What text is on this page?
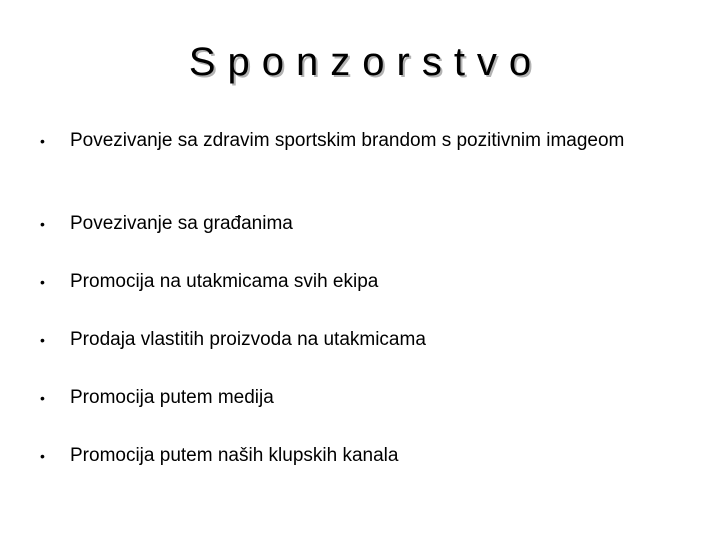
Sponzorstvo
•	Povezivanje sa zdravim sportskim brandom s pozitivnim imageom
•	Povezivanje sa građanima
•	Promocija na utakmicama svih ekipa
•	Prodaja vlastitih proizvoda na utakmicama
•	Promocija putem medija
•	Promocija putem naših klupskih kanala
